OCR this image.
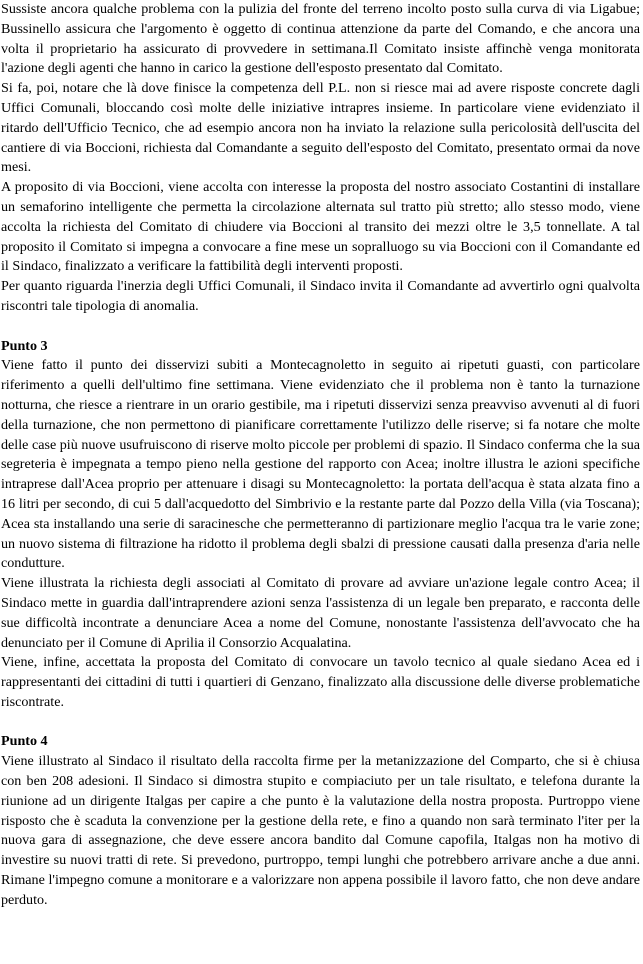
Sussiste ancora qualche problema con la pulizia del fronte del terreno incolto posto sulla curva di via Ligabue; Bussinello assicura che l'argomento è oggetto di continua attenzione da parte del Comando, e che ancora una volta il proprietario ha assicurato di provvedere in settimana.Il Comitato insiste affinchè venga monitorata l'azione degli agenti che hanno in carico la gestione dell'esposto presentato dal Comitato.

Si fa, poi, notare che là dove finisce la competenza dell P.L. non si riesce mai ad avere risposte concrete dagli Uffici Comunali, bloccando così molte delle iniziative intrapres insieme. In particolare viene evidenziato il ritardo dell'Ufficio Tecnico, che ad esempio ancora non ha inviato la relazione sulla pericolosità dell'uscita del cantiere di via Boccioni, richiesta dal Comandante a seguito dell'esposto del Comitato, presentato ormai da nove mesi.

A proposito di via Boccioni, viene accolta con interesse la proposta del nostro associato Costantini di installare un semaforino intelligente che permetta la circolazione alternata sul tratto più stretto; allo stesso modo, viene accolta la richiesta del Comitato di chiudere via Boccioni al transito dei mezzi oltre le 3,5 tonnellate. A tal proposito il Comitato si impegna a convocare a fine mese un sopralluogo su via Boccioni con il Comandante ed il Sindaco, finalizzato a verificare la fattibilità degli interventi proposti.

Per quanto riguarda l'inerzia degli Uffici Comunali, il Sindaco invita il Comandante ad avvertirlo ogni qualvolta riscontri tale tipologia di anomalia.

Punto 3

Viene fatto il punto dei disservizi subiti a Montecagnoletto in seguito ai ripetuti guasti, con particolare riferimento a quelli dell'ultimo fine settimana. Viene evidenziato che il problema non è tanto la turnazione notturna, che riesce a rientrare in un orario gestibile, ma i ripetuti disservizi senza preavviso avvenuti al di fuori della turnazione, che non permettono di pianificare correttamente l'utilizzo delle riserve; si fa notare che molte delle case più nuove usufruiscono di riserve molto piccole per problemi di spazio. Il Sindaco conferma che la sua segreteria è impegnata a tempo pieno nella gestione del rapporto con Acea; inoltre illustra le azioni specifiche intraprese dall'Acea proprio per attenuare i disagi su Montecagnoletto: la portata dell'acqua è stata alzata fino a 16 litri per secondo, di cui 5 dall'acquedotto del Simbrivio e la restante parte dal Pozzo della Villa (via Toscana); Acea sta installando una serie di saracinesche che permetteranno di partizionare meglio l'acqua tra le varie zone; un nuovo sistema di filtrazione ha ridotto il problema degli sbalzi di pressione causati dalla presenza d'aria nelle condutture.

Viene illustrata la richiesta degli associati al Comitato di provare ad avviare un'azione legale contro Acea; il Sindaco mette in guardia dall'intraprendere azioni senza l'assistenza di un legale ben preparato, e racconta delle sue difficoltà incontrate a denunciare Acea a nome del Comune, nonostante l'assistenza dell'avvocato che ha denunciato per il Comune di Aprilia il Consorzio Acqualatina.

Viene, infine, accettata la proposta del Comitato di convocare un tavolo tecnico al quale siedano Acea ed i rappresentanti dei cittadini di tutti i quartieri di Genzano, finalizzato alla discussione delle diverse problematiche riscontrate.

Punto 4

Viene illustrato al Sindaco il risultato della raccolta firme per la metanizzazione del Comparto, che si è chiusa con ben 208 adesioni. Il Sindaco si dimostra stupito e compiaciuto per un tale risultato, e telefona durante la riunione ad un dirigente Italgas per capire a che punto è la valutazione della nostra proposta. Purtroppo viene risposto che è scaduta la convenzione per la gestione della rete, e fino a quando non sarà terminato l'iter per la nuova gara di assegnazione, che deve essere ancora bandito dal Comune capofila, Italgas non ha motivo di investire su nuovi tratti di rete. Si prevedono, purtroppo, tempi lunghi che potrebbero arrivare anche a due anni. Rimane l'impegno comune a monitorare e a valorizzare non appena possibile il lavoro fatto, che non deve andare perduto.
